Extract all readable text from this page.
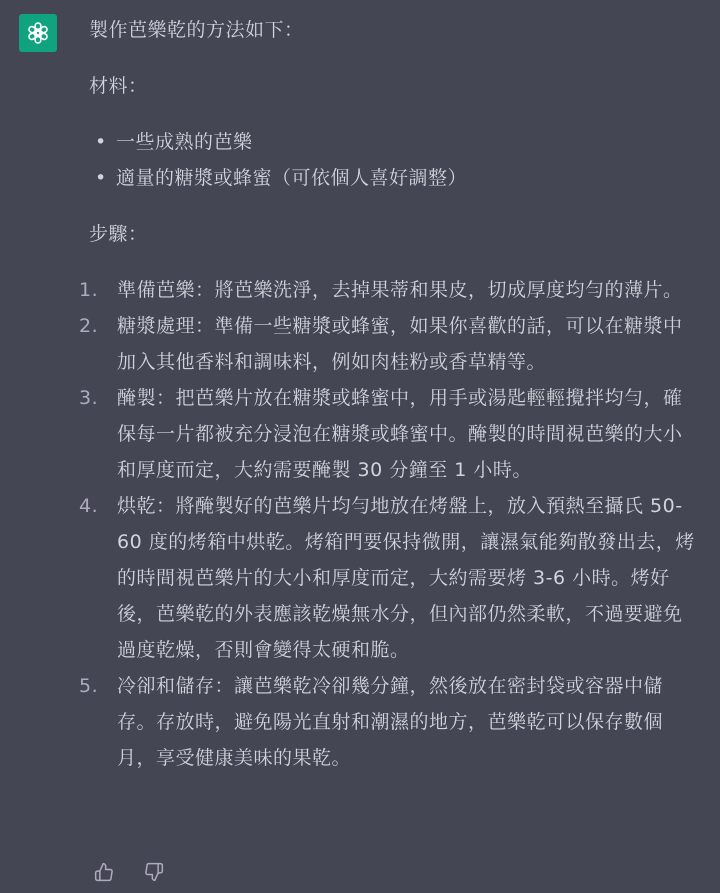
製作芭樂乾的方法如下：

材料：

• 一些成熟的芭樂
• 適量的糖漿或蜂蜜（可依個人喜好調整）

步驟：

1. 準備芭樂：將芭樂洗淨，去掉果蒂和果皮，切成厚度均勻的薄片。
2. 糖漿處理：準備一些糖漿或蜂蜜，如果你喜歡的話，可以在糖漿中加入其他香料和調味料，例如肉桂粉或香草精等。
3. 醃製：把芭樂片放在糖漿或蜂蜜中，用手或湯匙輕輕攪拌均勻，確保每一片都被充分浸泡在糖漿或蜂蜜中。醃製的時間視芭樂的大小和厚度而定，大約需要醃製 30 分鐘至 1 小時。
4. 烘乾：將醃製好的芭樂片均勻地放在烤盤上，放入預熱至攝氏 50-60 度的烤箱中烘乾。烤箱門要保持微開，讓濕氣能夠散發出去，烤的時間視芭樂片的大小和厚度而定，大約需要烤 3-6 小時。烤好後，芭樂乾的外表應該乾燥無水分，但內部仍然柔軟，不過要避免過度乾燥，否則會變得太硬和脆。
5. 冷卻和儲存：讓芭樂乾冷卻幾分鐘，然後放在密封袋或容器中儲存。存放時，避免陽光直射和潮濕的地方，芭樂乾可以保存數個月，享受健康美味的果乾。
